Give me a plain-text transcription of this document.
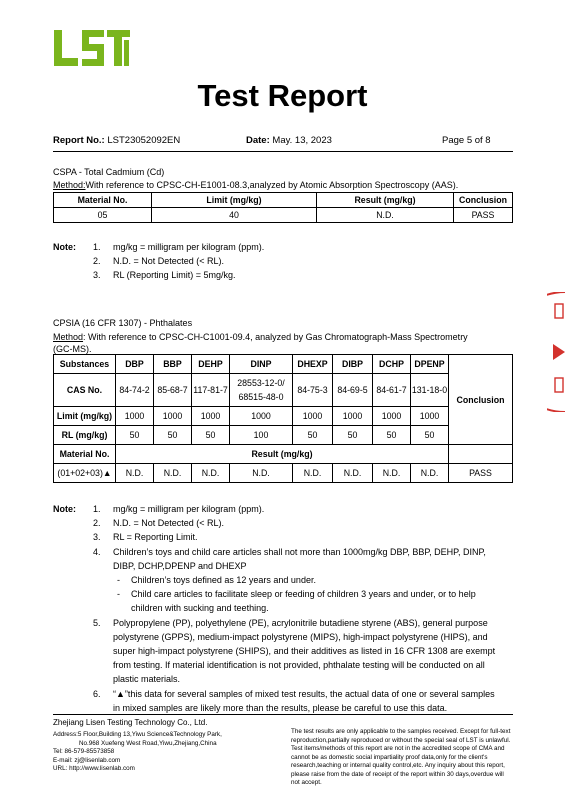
Test Report
Report No.: LST23052092EN	Date: May. 13, 2023	Page 5 of 8
CSPA - Total Cadmium (Cd)
Method:With reference to CPSC-CH-E1001-08.3,analyzed by Atomic Absorption Spectroscopy (AAS).
Material No.	Limit (mg/kg)	Result (mg/kg)	Conclusion
05	40	N.D.	PASS
Note: 1. mg/kg = milligram per kilogram (ppm).
2. N.D. = Not Detected (< RL).

3. RL (Reporting Limit) = 5mg/kg.

CPSIA (16 CFR 1307) - Phthalates
Method: With reference to CPSC-CH-C1001-09.4, analyzed by Gas Chromatograph-Mass Spectrometry
(GC-MS).
Substances	DBP	BBP	DEHP	DINP	DHEXP	DIBP	DCHP	DPENP	Conclusion
CAS No.	84-74-2	85-68-7	117-81-7	28553-12-0/
68515-48-0	84-75-3	84-69-5	84-61-7	131-18-0	
Limit (mg/kg)	1000	1000	1000	1000	1000	1000	1000	1000	
RL (mg/kg)	50	50	50	100	50	50	50	50	
Material No.	Result (mg/kg)								
(01+02+03)▲	N.D.	N.D.	N.D.	N.D.	N.D.	N.D.	N.D.	N.D.	PASS
Note: 1. mg/kg = milligram per kilogram (ppm).

2. N.D. = Not Detected (< RL).

3. RL = Reporting Limit.

4. Children’s toys and child care articles shall not more than 1000mg/kg DBP, BBP, DEHP, DINP,

DIBP, DCHP,DPENP and DHEXP

- Children’s toys defined as 12 years and under.

- Child care articles to facilitate sleep or feeding of children 3 years and under, or to help

children with sucking and teething.

5. Polypropylene (PP), polyethylene (PE), acrylonitrile butadiene styrene (ABS), general purpose

polystyrene (GPPS), medium-impact polystyrene (MIPS), high-impact polystyrene (HIPS), and

super high-impact polystyrene (SHIPS), and their additives as listed in 16 CFR 1308 are exempt

from testing. If material identification is not provided, phthalate testing will be conducted on all

plastic materials.

6. “▲”this data for several samples of mixed test results, the actual data of one or several samples

in mixed samples are likely more than the results, please be careful to use this data.
Zhejiang Lisen Testing Technology Co., Ltd.
Address:5 Floor,Building 13,Yiwu Science&Technology Park,
No.968 Xuefeng West Road,Yiwu,Zhejiang,China
Tel: 86-579-85573858
E-mail: zj@lisenlab.com
URL: http://www.lisenlab.com
The test results are only applicable to the samples received. Except for full-text reproduction,partially reproduced or without the special seal of LST is unlawful. Test items/methods of this report are not in the accredited scope of CMA and cannot be as domestic social impartiality proof data,only for the client's research,teaching or internal quality control,etc. Any inquiry about this report, please raise from the date of receipt of the report within 30 days,overdue will not accept.
